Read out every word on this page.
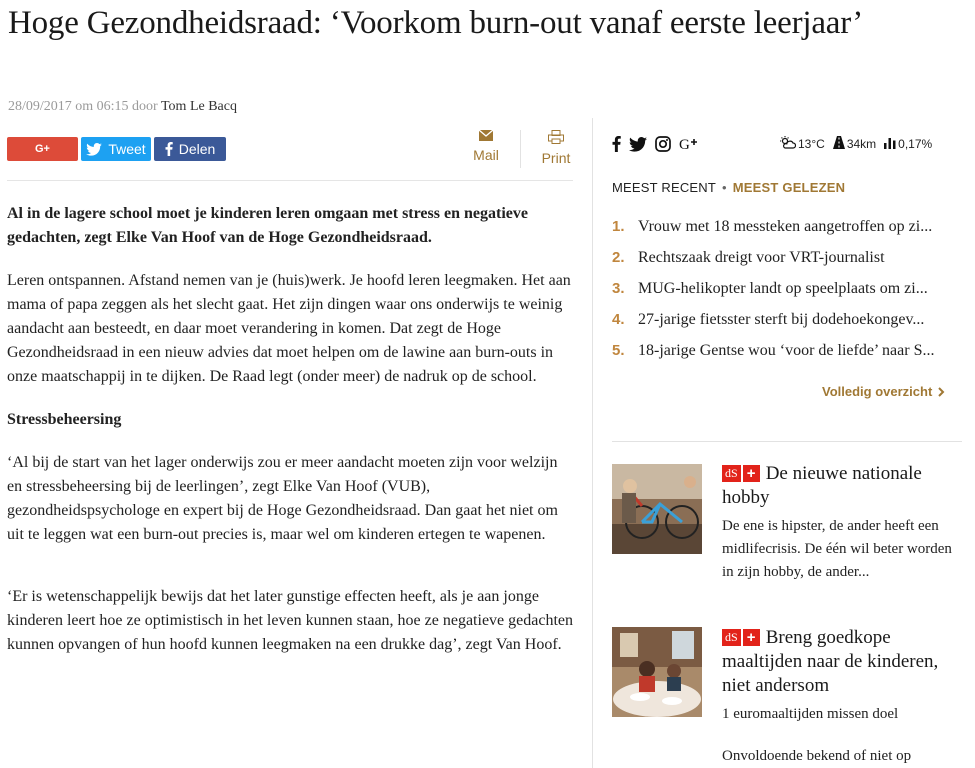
Hoge Gezondheidsraad: ‘Voorkom burn-out vanaf eerste leerjaar’
28/09/2017 om 06:15 door Tom Le Bacq
G+	Tweet Delen	Mail	Print

Al in de lagere school moet je kinderen leren omgaan met stress en negatieve gedachten, zegt Elke Van Hoof van de Hoge Gezondheidsraad.

Leren ontspannen. Afstand nemen van je (huis)werk. Je hoofd leren leegmaken. Het aan mama of papa zeggen als het slecht gaat. Het zijn dingen waar ons onderwijs te weinig aandacht aan besteedt, en daar moet verandering in komen. Dat zegt de Hoge Gezondheidsraad in een nieuw advies dat moet helpen om de lawine aan burn-outs in onze maatschappij in te dijken. De Raad legt (onder meer) de nadruk op de school.

Stressbeheersing

‘Al bij de start van het lager onderwijs zou er meer aandacht moeten zijn voor welzijn en stressbeheersing bij de leerlingen’, zegt Elke Van Hoof (VUB), gezondheidspsychologe en expert bij de Hoge Gezondheidsraad. Dan gaat het niet om uit te leggen wat een burn-out precies is, maar wel om kinderen ertegen te wapenen.

‘Er is wetenschappelijk bewijs dat het later gunstige effecten heeft, als je aan jonge kinderen leert hoe ze optimistisch in het leven kunnen staan, hoe ze negatieve gedachten kunnen opvangen of hun hoofd kunnen leegmaken na een drukke dag’, zegt Van Hoof.

G	13°C 34km 0,17%
MEEST RECENT • MEEST GELEZEN
1. Vrouw met 18 messteken aangetroffen op zi...
2. Rechtszaak dreigt voor VRT-journalist
3. MUG-helikopter landt op speelplaats om zi...
4. 27-jarige fietsster sterft bij dodehoekongev...
5. 18-jarige Gentse wou ‘voor de liefde’ naar S...
Volledig overzicht
dS + De nieuwe nationale hobby
De ene is hipster, de ander heeft een midlifecrisis. De één wil beter worden in zijn hobby, de ander...
dS + Breng goedkope maaltijden naar de kinderen, niet andersom
1 euromaaltijden missen doel
Onvoldoende bekend of niet op
